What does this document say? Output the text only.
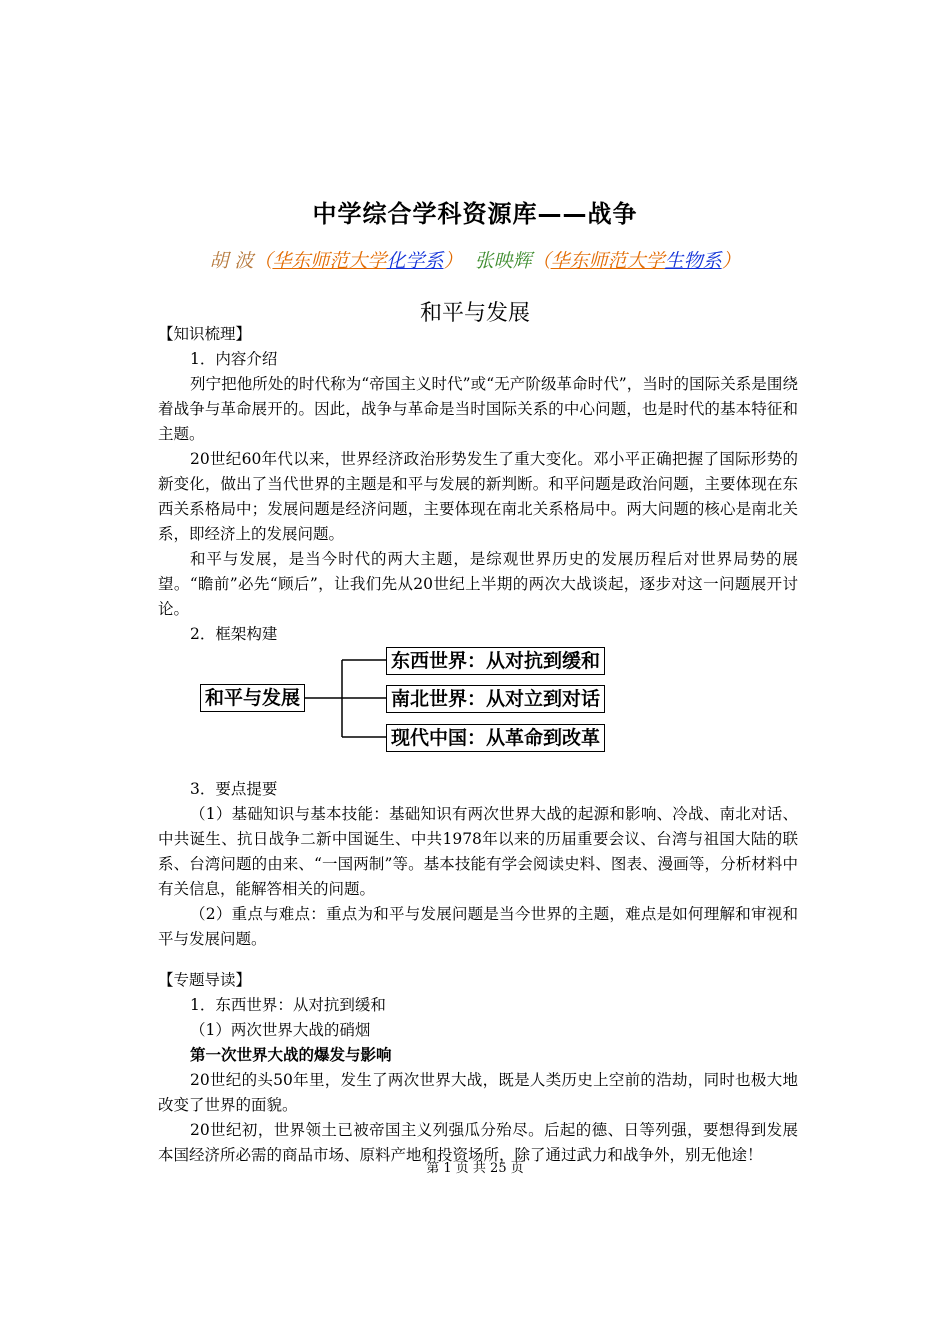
中学综合学科资源库——战争
胡 波（华东师范大学化学系） 张映辉（华东师范大学生物系）
和平与发展

【知识梳理】

1．内容介绍

列宁把他所处的时代称为“帝国主义时代”或“无产阶级革命时代”，当时的国际关系是围绕着战争与革命展开的。因此，战争与革命是当时国际关系的中心问题，也是时代的基本特征和主题。

20世纪60年代以来，世界经济政治形势发生了重大变化。邓小平正确把握了国际形势的新变化，做出了当代世界的主题是和平与发展的新判断。和平问题是政治问题，主要体现在东西关系格局中；发展问题是经济问题，主要体现在南北关系格局中。两大问题的核心是南北关系，即经济上的发展问题。

和平与发展，是当今时代的两大主题，是综观世界历史的发展历程后对世界局势的展望。“瞻前”必先“顾后”，让我们先从20世纪上半期的两次大战谈起，逐步对这一问题展开讨论。

2．框架构建

和平与发展
东西世界：从对抗到缓和
南北世界：从对立到对话
现代中国：从革命到改革

3．要点提要

（1）基础知识与基本技能：基础知识有两次世界大战的起源和影响、冷战、南北对话、中共诞生、抗日战争二新中国诞生、中共1978年以来的历届重要会议、台湾与祖国大陆的联系、台湾问题的由来、“一国两制”等。基本技能有学会阅读史料、图表、漫画等，分析材料中有关信息，能解答相关的问题。

（2）重点与难点：重点为和平与发展问题是当今世界的主题，难点是如何理解和审视和平与发展问题。

【专题导读】

1．东西世界：从对抗到缓和

（1）两次世界大战的硝烟

第一次世界大战的爆发与影响

20世纪的头50年里，发生了两次世界大战，既是人类历史上空前的浩劫，同时也极大地改变了世界的面貌。

20世纪初，世界领土已被帝国主义列强瓜分殆尽。后起的德、日等列强，要想得到发展本国经济所必需的商品市场、原料产地和投资场所，除了通过武力和战争外，别无他途！

第 1 页 共 25 页
